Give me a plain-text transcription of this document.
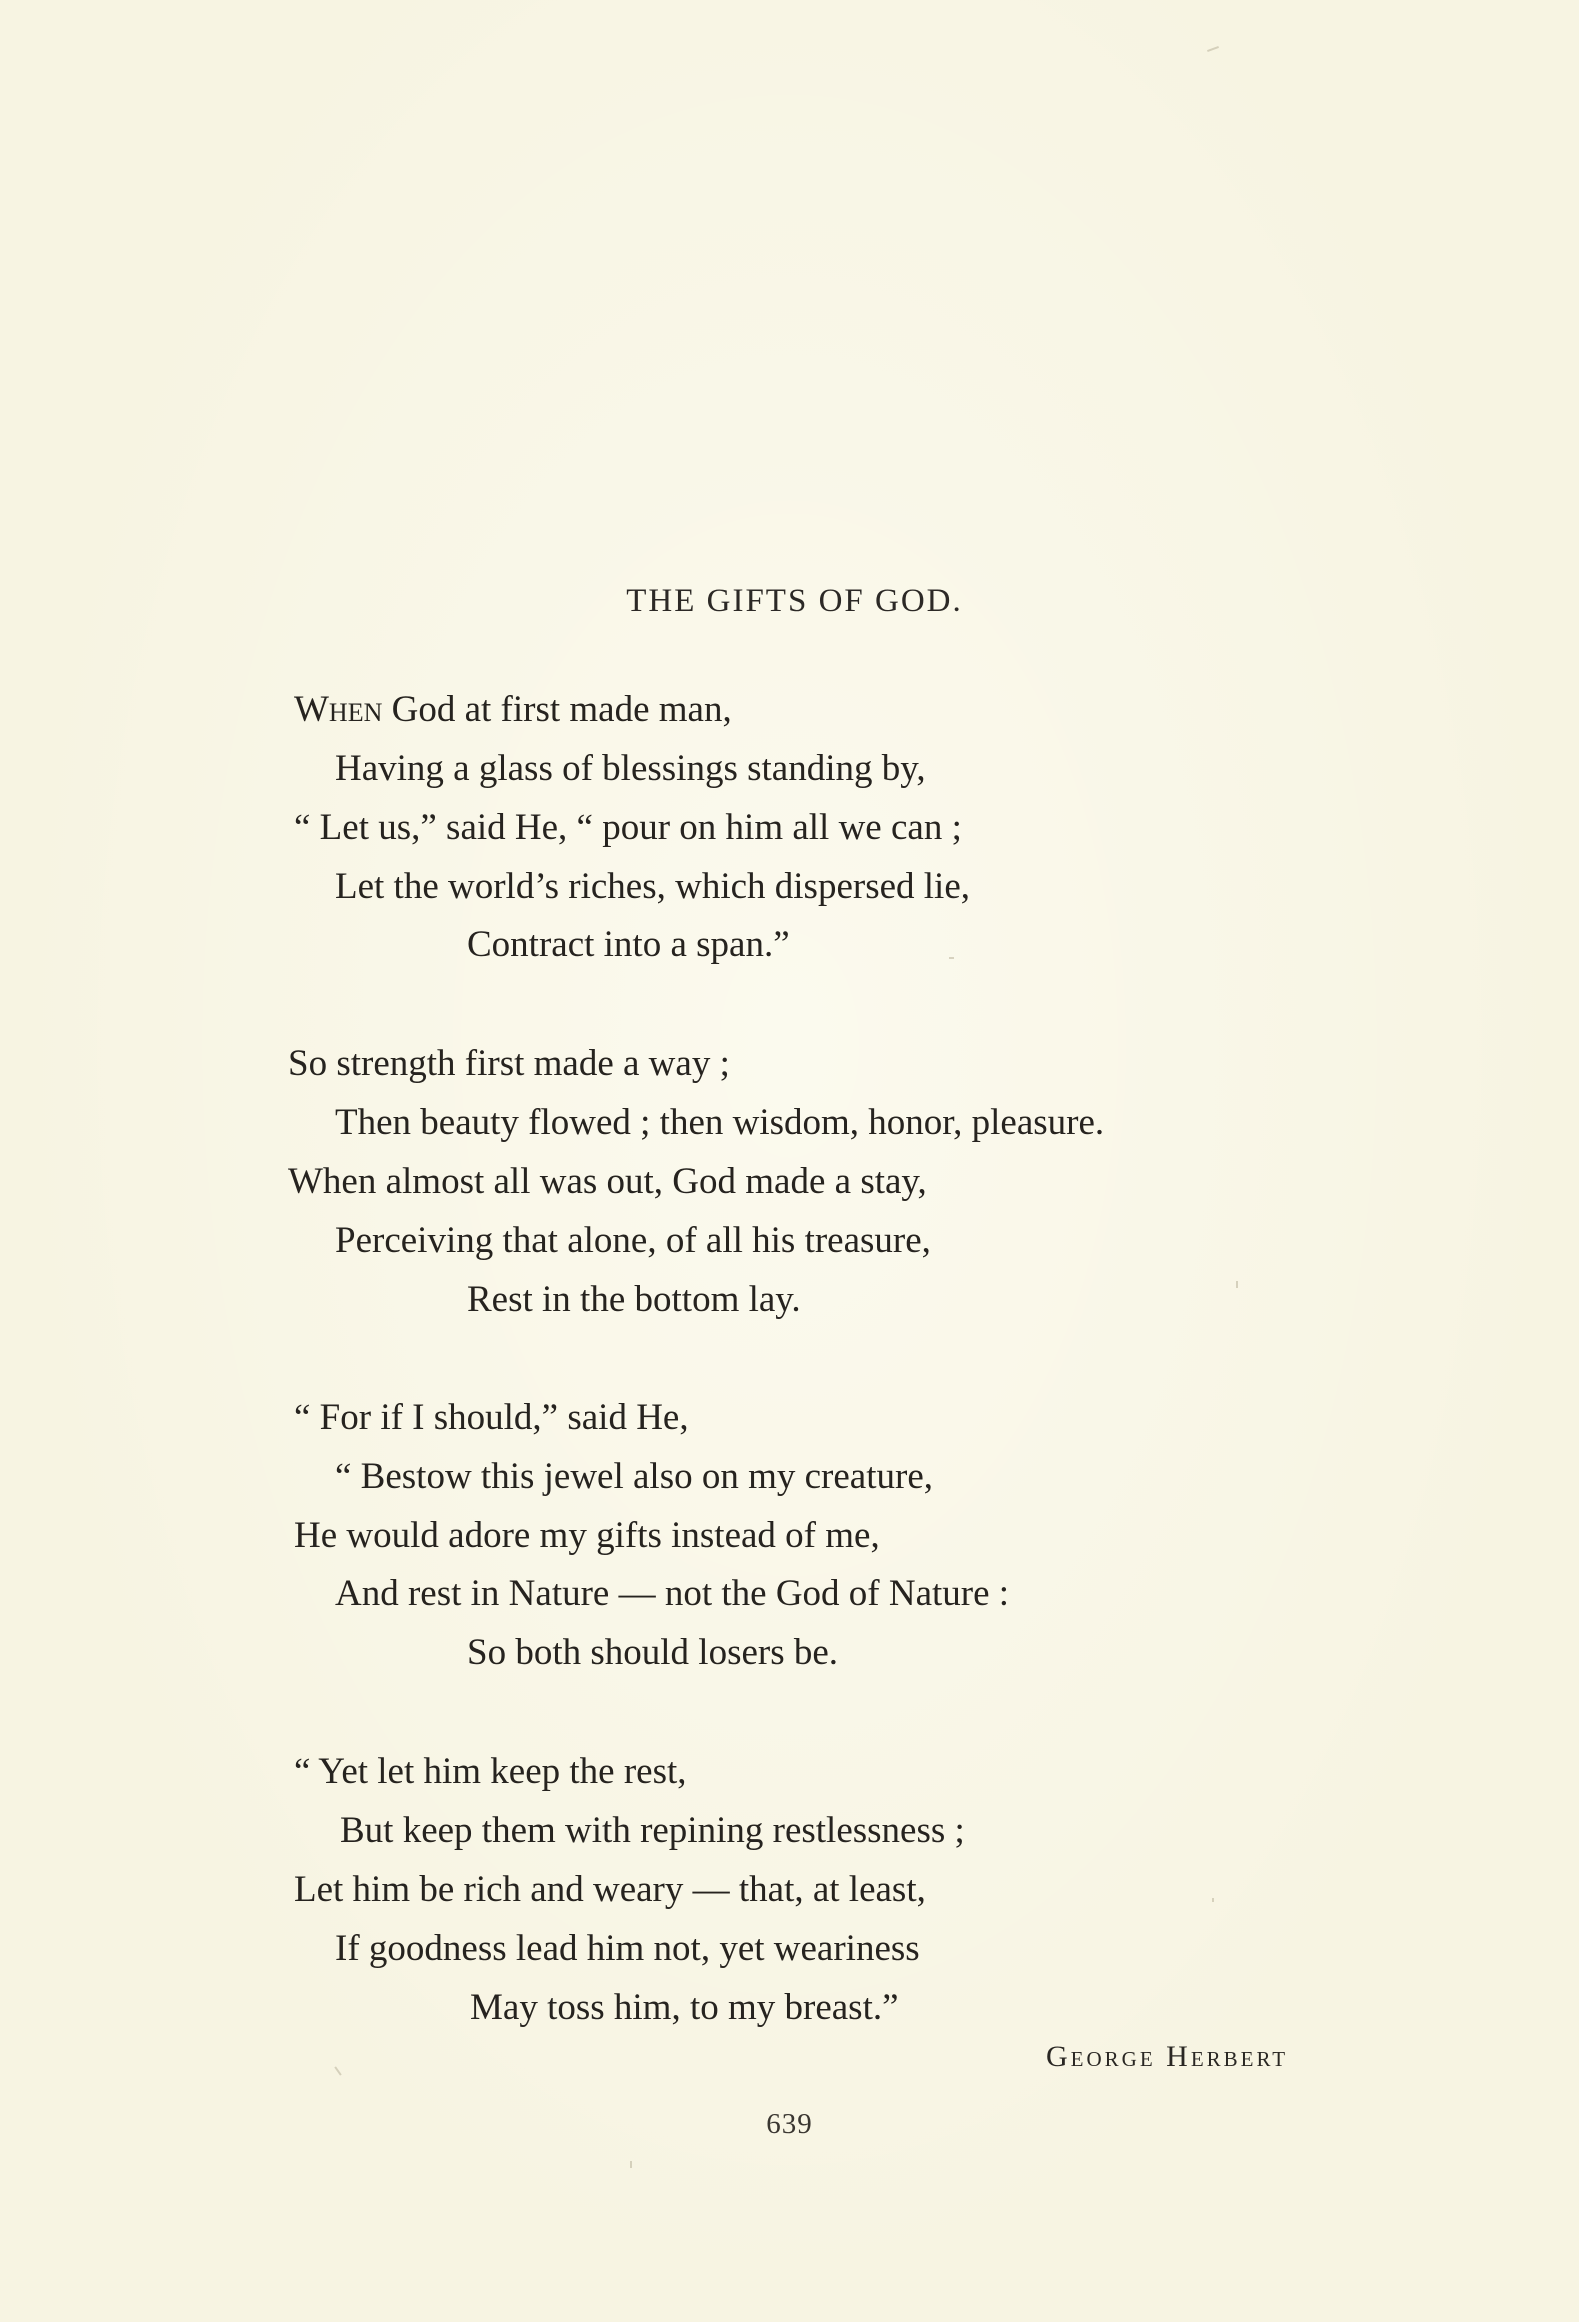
THE GIFTS OF GOD.
When God at first made man,
Having a glass of blessings standing by,
“ Let us,” said He, “ pour on him all we can ;
Let the world’s riches, which dispersed lie,
Contract into a span.”
So strength first made a way ;
Then beauty flowed ; then wisdom, honor, pleasure.
When almost all was out, God made a stay,
Perceiving that alone, of all his treasure,
Rest in the bottom lay.
“ For if I should,” said He,
“ Bestow this jewel also on my creature,
He would adore my gifts instead of me,
And rest in Nature — not the God of Nature :
So both should losers be.
“ Yet let him keep the rest,
But keep them with repining restlessness ;
Let him be rich and weary — that, at least,
If goodness lead him not, yet weariness
May toss him, to my breast.”
George Herbert
639
